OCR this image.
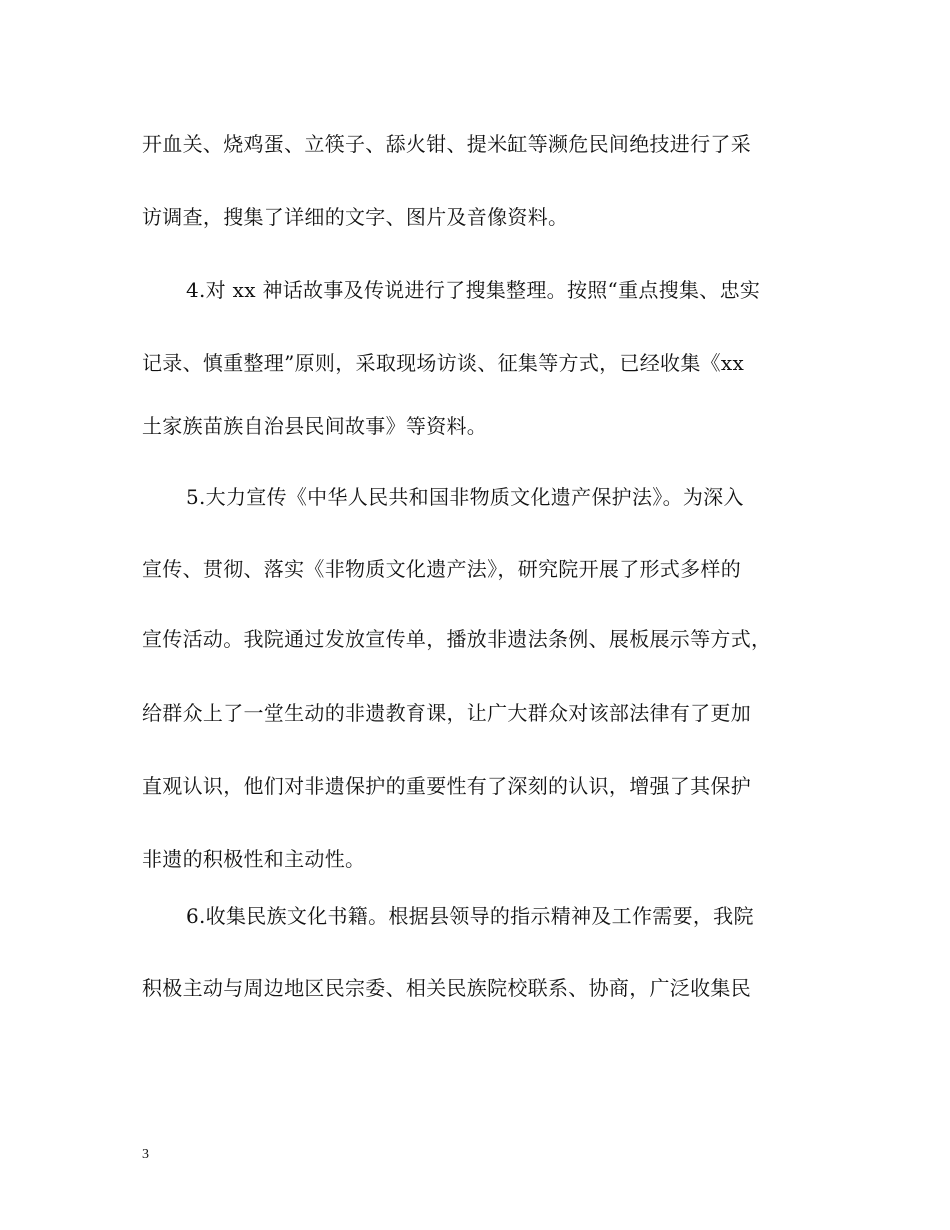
开血关、烧鸡蛋、立筷子、舔火钳、提米缸等濒危民间绝技进行了采
访调查，搜集了详细的文字、图片及音像资料。
4.对 xx 神话故事及传说进行了搜集整理。按照“重点搜集、忠实
记录、慎重整理”原则，采取现场访谈、征集等方式，已经收集《xx
土家族苗族自治县民间故事》等资料。
5.大力宣传《中华人民共和国非物质文化遗产保护法》。为深入
宣传、贯彻、落实《非物质文化遗产法》，研究院开展了形式多样的
宣传活动。我院通过发放宣传单，播放非遗法条例、展板展示等方式，
给群众上了一堂生动的非遗教育课，让广大群众对该部法律有了更加
直观认识，他们对非遗保护的重要性有了深刻的认识，增强了其保护
非遗的积极性和主动性。
6.收集民族文化书籍。根据县领导的指示精神及工作需要，我院
积极主动与周边地区民宗委、相关民族院校联系、协商，广泛收集民
3
